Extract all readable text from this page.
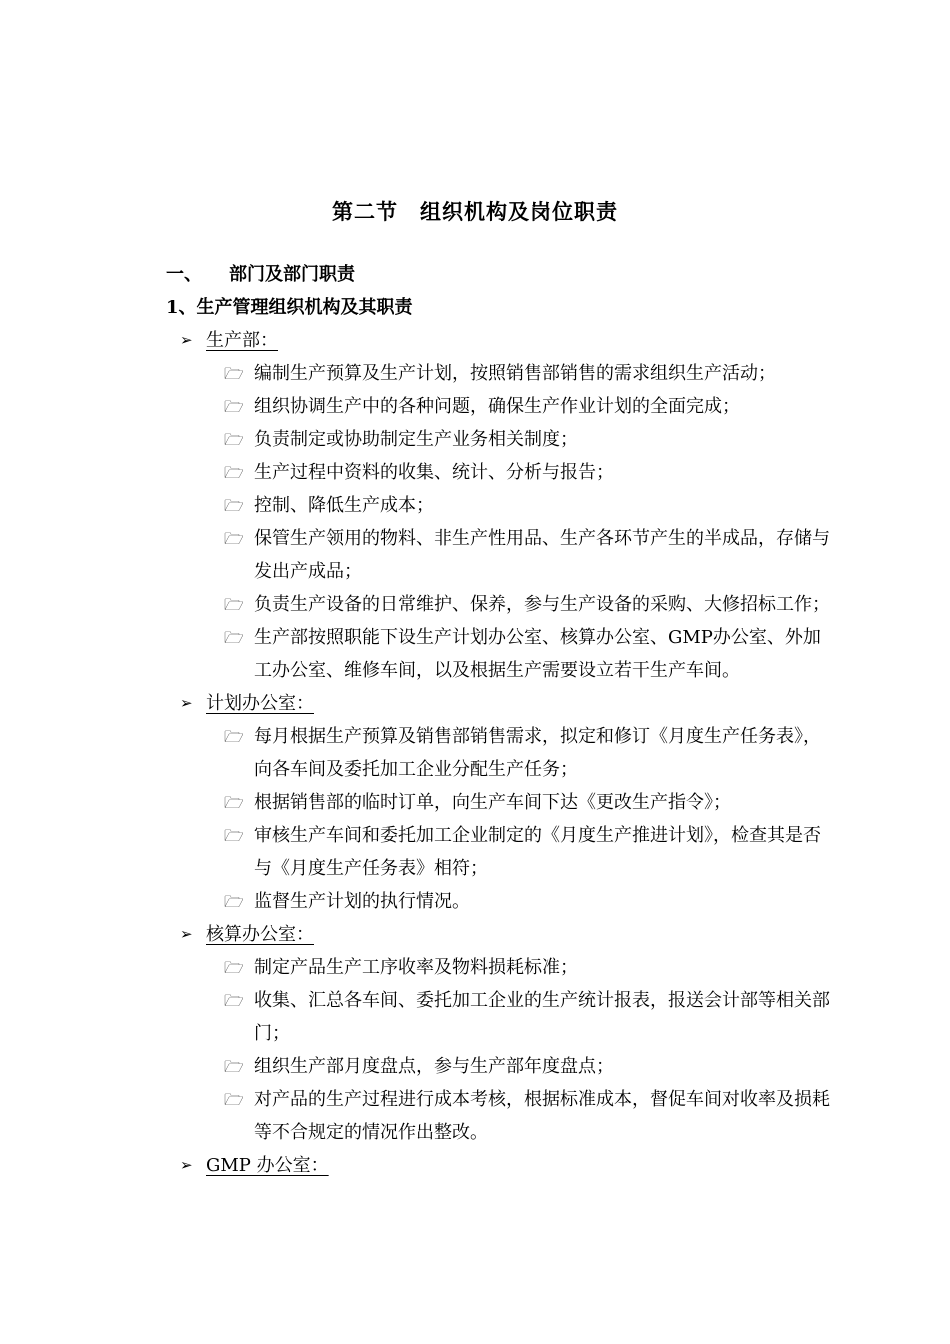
第二节　组织机构及岗位职责
一、　　部门及部门职责
1、生产管理组织机构及其职责
➢ 生产部：
🗁 编制生产预算及生产计划，按照销售部销售的需求组织生产活动；
🗁 组织协调生产中的各种问题，确保生产作业计划的全面完成；
🗁 负责制定或协助制定生产业务相关制度；
🗁 生产过程中资料的收集、统计、分析与报告；
🗁 控制、降低生产成本；
🗁 保管生产领用的物料、非生产性用品、生产各环节产生的半成品，存储与发出产成品；
🗁 负责生产设备的日常维护、保养，参与生产设备的采购、大修招标工作；
🗁 生产部按照职能下设生产计划办公室、核算办公室、GMP办公室、外加工办公室、维修车间，以及根据生产需要设立若干生产车间。
➢ 计划办公室：
🗁 每月根据生产预算及销售部销售需求，拟定和修订《月度生产任务表》，向各车间及委托加工企业分配生产任务；
🗁 根据销售部的临时订单，向生产车间下达《更改生产指令》；
🗁 审核生产车间和委托加工企业制定的《月度生产推进计划》，检查其是否与《月度生产任务表》相符；
🗁 监督生产计划的执行情况。
➢ 核算办公室：
🗁 制定产品生产工序收率及物料损耗标准；
🗁 收集、汇总各车间、委托加工企业的生产统计报表，报送会计部等相关部门；
🗁 组织生产部月度盘点，参与生产部年度盘点；
🗁 对产品的生产过程进行成本考核，根据标准成本，督促车间对收率及损耗等不合规定的情况作出整改。
➢ GMP 办公室：
